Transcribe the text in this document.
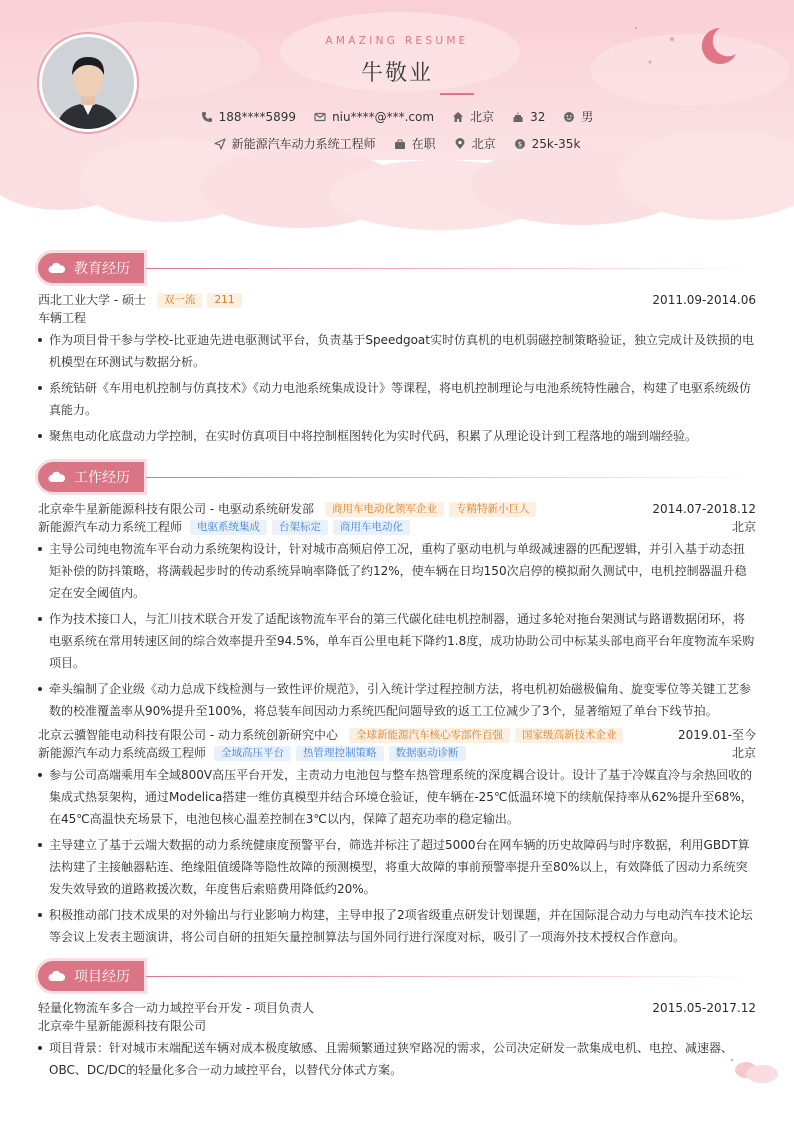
AMAZING RESUME
牛敬业
188****5899	niu****@***.com	北京	32	男
新能源汽车动力系统工程师	在职	北京	$ 25k-35k
教育经历
西北工业大学 - 硕士	双一流	211	2011.09-2014.06
车辆工程
作为项目骨干参与学校-比亚迪先进电驱测试平台，负责基于Speedgoat实时仿真机的电机弱磁控制策略验证，独立完成计及铁损的电机模型在环测试与数据分析。
系统钻研《车用电机控制与仿真技术》《动力电池系统集成设计》等课程，将电机控制理论与电池系统特性融合，构建了电驱系统级仿真能力。
聚焦电动化底盘动力学控制，在实时仿真项目中将控制框图转化为实时代码，积累了从理论设计到工程落地的端到端经验。
工作经历
北京牵牛星新能源科技有限公司 - 电驱动系统研发部	商用车电动化领军企业	专精特新小巨人	2014.07-2018.12
新能源汽车动力系统工程师	电驱系统集成	台架标定	商用车电动化	北京
主导公司纯电物流车平台动力系统架构设计，针对城市高频启停工况，重构了驱动电机与单级减速器的匹配逻辑，并引入基于动态扭矩补偿的防抖策略，将满载起步时的传动系统异响率降低了约12%，使车辆在日均150次启停的模拟耐久测试中，电机控制器温升稳定在安全阈值内。
作为技术接口人，与汇川技术联合开发了适配该物流车平台的第三代碳化硅电机控制器，通过多轮对拖台架测试与路谱数据闭环，将电驱系统在常用转速区间的综合效率提升至94.5%，单车百公里电耗下降约1.8度，成功协助公司中标某头部电商平台年度物流车采购项目。
牵头编制了企业级《动力总成下线检测与一致性评价规范》，引入统计学过程控制方法，将电机初始磁极偏角、旋变零位等关键工艺参数的校准覆盖率从90%提升至100%，将总装车间因动力系统匹配问题导致的返工工位减少了3个，显著缩短了单台下线节拍。
北京云骥智能电动科技有限公司 - 动力系统创新研究中心	全球新能源汽车核心零部件百强	国家级高新技术企业	2019.01-至今
新能源汽车动力系统高级工程师	全域高压平台	热管理控制策略	数据驱动诊断	北京
参与公司高端乘用车全域800V高压平台开发，主责动力电池包与整车热管理系统的深度耦合设计。设计了基于冷媒直冷与余热回收的集成式热泵架构，通过Modelica搭建一维仿真模型并结合环境仓验证，使车辆在-25℃低温环境下的续航保持率从62%提升至68%，在45℃高温快充场景下，电池包核心温差控制在3℃以内，保障了超充功率的稳定输出。
主导建立了基于云端大数据的动力系统健康度预警平台，筛选并标注了超过5000台在网车辆的历史故障码与时序数据，利用GBDT算法构建了主接触器粘连、绝缘阻值缓降等隐性故障的预测模型，将重大故障的事前预警率提升至80%以上，有效降低了因动力系统突发失效导致的道路救援次数，年度售后索赔费用降低约20%。
积极推动部门技术成果的对外输出与行业影响力构建，主导申报了2项省级重点研发计划课题，并在国际混合动力与电动汽车技术论坛等会议上发表主题演讲，将公司自研的扭矩矢量控制算法与国外同行进行深度对标，吸引了一项海外技术授权合作意向。
项目经历
轻量化物流车多合一动力域控平台开发 - 项目负责人	2015.05-2017.12
北京牵牛星新能源科技有限公司
项目背景：针对城市末端配送车辆对成本极度敏感、且需频繁通过狭窄路况的需求，公司决定研发一款集成电机、电控、减速器、OBC、DC/DC的轻量化多合一动力域控平台，以替代分体式方案。
